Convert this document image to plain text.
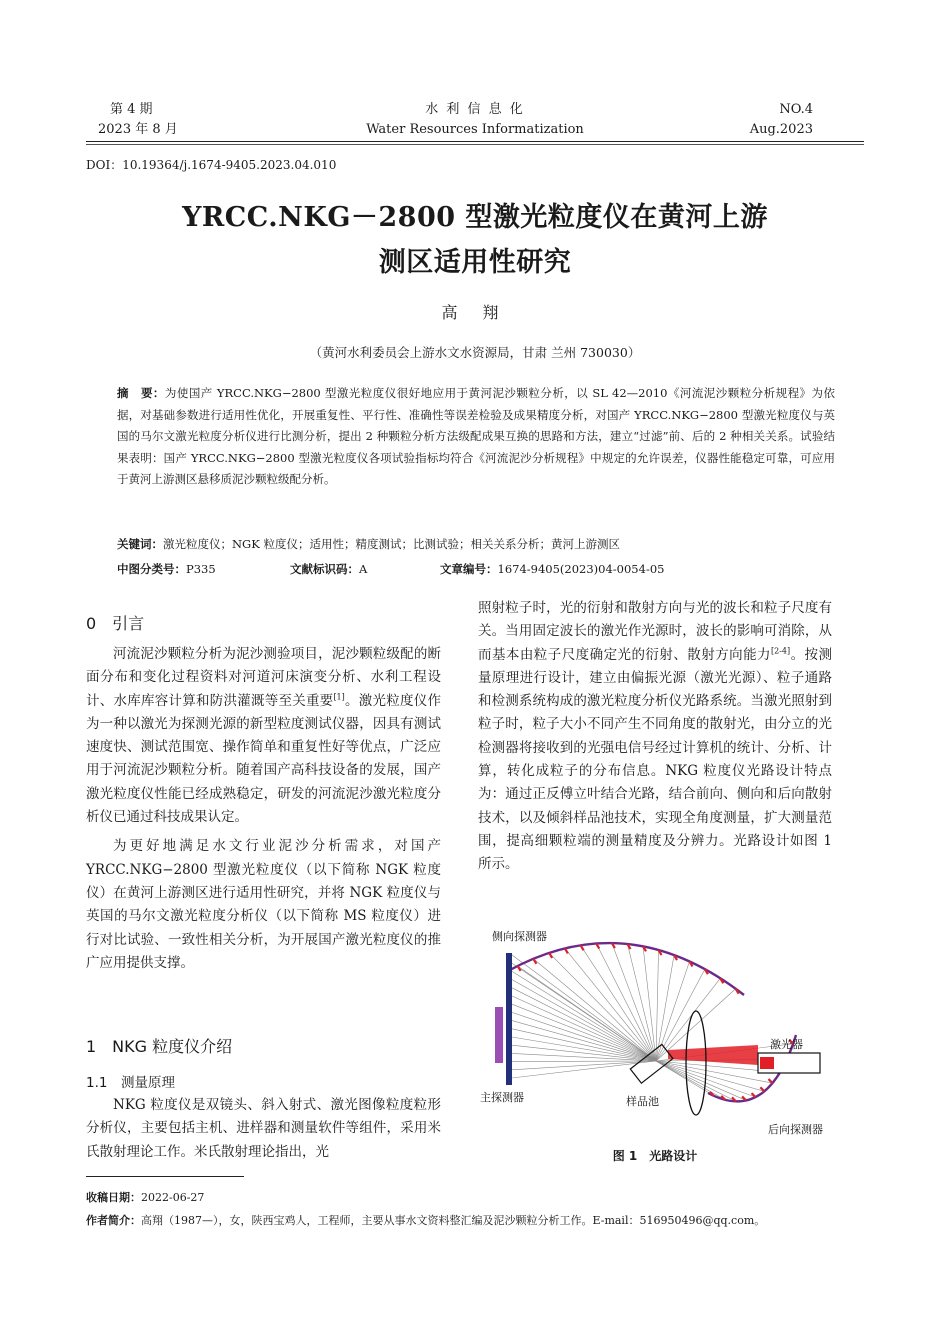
第 4 期
2023 年 8 月
水 利 信 息 化
Water Resources Informatization
NO.4
Aug.2023
DOI：10.19364/j.1674-9405.2023.04.010
YRCC.NKG－2800 型激光粒度仪在黄河上游
测区适用性研究
高 翔
（黄河水利委员会上游水文水资源局，甘肃 兰州 730030）
摘　要：为使国产 YRCC.NKG−2800 型激光粒度仪很好地应用于黄河泥沙颗粒分析，以 SL 42—2010《河流泥沙颗粒分析规程》为依据，对基础参数进行适用性优化，开展重复性、平行性、准确性等误差检验及成果精度分析，对国产 YRCC.NKG−2800 型激光粒度仪与英国的马尔文激光粒度分析仪进行比测分析，提出 2 种颗粒分析方法级配成果互换的思路和方法，建立“过滤”前、后的 2 种相关关系。试验结果表明：国产 YRCC.NKG−2800 型激光粒度仪各项试验指标均符合《河流泥沙分析规程》中规定的允许误差，仪器性能稳定可靠，可应用于黄河上游测区悬移质泥沙颗粒级配分析。
关键词：激光粒度仪；NGK 粒度仪；适用性；精度测试；比测试验；相关关系分析；黄河上游测区
中图分类号：P335	文献标识码：A	文章编号：1674-9405(2023)04-0054-05
0　引言

河流泥沙颗粒分析为泥沙测验项目，泥沙颗粒级配的断面分布和变化过程资料对河道河床演变分析、水利工程设计、水库库容计算和防洪灌溉等至关重要[1]。激光粒度仪作为一种以激光为探测光源的新型粒度测试仪器，因具有测试速度快、测试范围宽、操作简单和重复性好等优点，广泛应用于河流泥沙颗粒分析。随着国产高科技设备的发展，国产激光粒度仪性能已经成熟稳定，研发的河流泥沙激光粒度分析仪已通过科技成果认定。

为更好地满足水文行业泥沙分析需求，对国产 YRCC.NKG−2800 型激光粒度仪（以下简称 NGK 粒度仪）在黄河上游测区进行适用性研究，并将 NGK 粒度仪与英国的马尔文激光粒度分析仪（以下简称 MS 粒度仪）进行对比试验、一致性相关分析，为开展国产激光粒度仪的推广应用提供支撑。

1　NKG 粒度仪介绍
1.1　测量原理

NKG 粒度仪是双镜头、斜入射式、激光图像粒度粒形分析仪，主要包括主机、进样器和测量软件等组件，采用米氏散射理论工作。米氏散射理论指出，光

照射粒子时，光的衍射和散射方向与光的波长和粒子尺度有关。当用固定波长的激光作光源时，波长的影响可消除，从而基本由粒子尺度确定光的衍射、散射方向能力[2-4]。按测量原理进行设计，建立由偏振光源（激光光源）、粒子通路和检测系统构成的激光粒度分析仪光路系统。当激光照射到粒子时，粒子大小不同产生不同角度的散射光，由分立的光检测器将接收到的光强电信号经过计算机的统计、分析、计算，转化成粒子的分布信息。NKG 粒度仪光路设计特点为：通过正反傅立叶结合光路，结合前向、侧向和后向散射技术，以及倾斜样品池技术，实现全角度测量，扩大测量范围，提高细颗粒端的测量精度及分辨力。光路设计如图 1 所示。

侧向探测器
激光器
主探测器	样品池
后向探测器
图 1　光路设计
收稿日期：2022-06-27
作者简介：高翔（1987—），女，陕西宝鸡人，工程师，主要从事水文资料整汇编及泥沙颗粒分析工作。E-mail：516950496@qq.com。
